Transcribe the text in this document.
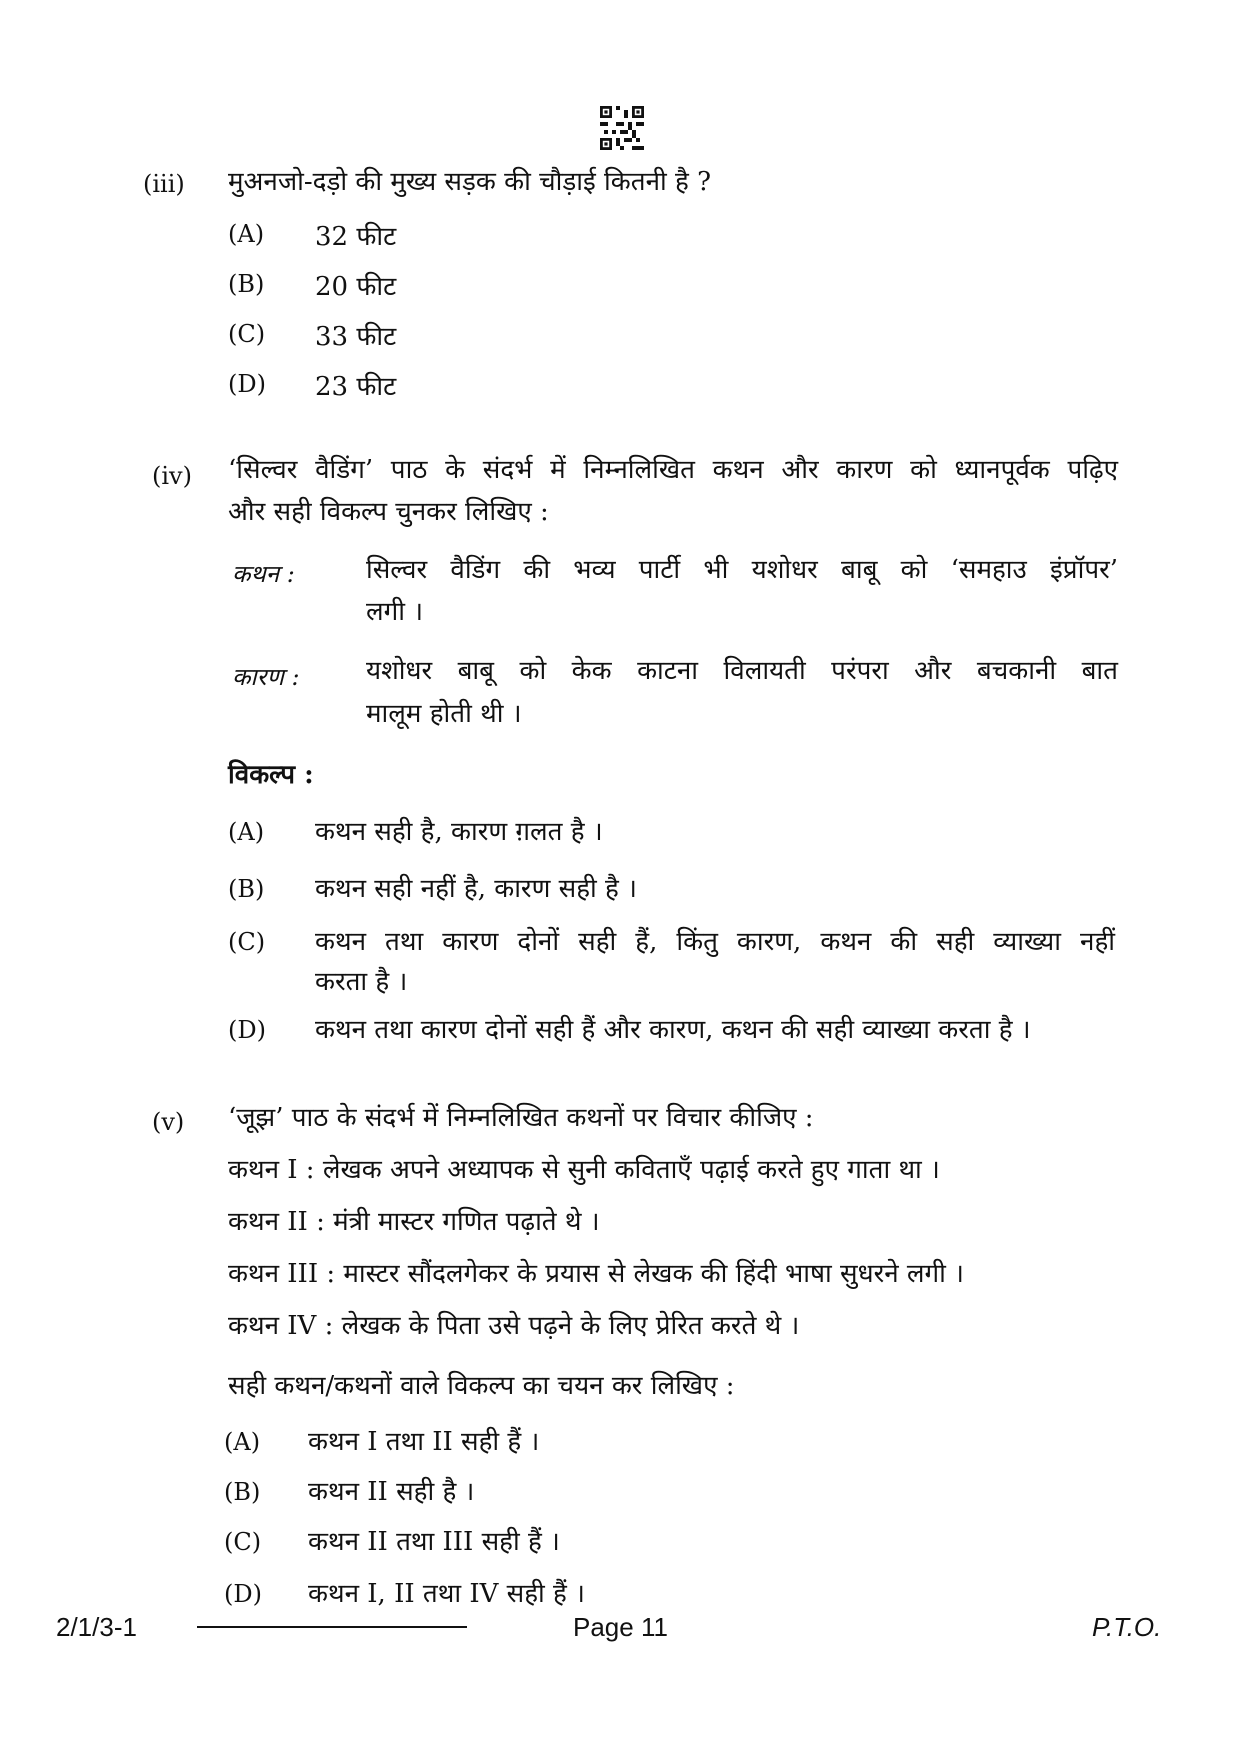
(iii) मुअनजो-दड़ो की मुख्य सड़क की चौड़ाई कितनी है ?
(A) 32 फीट
(B) 20 फीट
(C) 33 फीट
(D) 23 फीट
(iv) ‘सिल्वर वैडिंग’ पाठ के संदर्भ में निम्नलिखित कथन और कारण को ध्यानपूर्वक पढ़िए
और सही विकल्प चुनकर लिखिए :
कथन :	सिल्वर वैडिंग की भव्य पार्टी भी यशोधर बाबू को ‘समहाउ इंप्रॉपर’
लगी ।
कारण :	यशोधर बाबू को केक काटना विलायती परंपरा और बचकानी बात
मालूम होती थी ।
विकल्प :
(A) कथन सही है, कारण ग़लत है ।
(B) कथन सही नहीं है, कारण सही है ।
(C) कथन तथा कारण दोनों सही हैं, किंतु कारण, कथन की सही व्याख्या नहीं
करता है ।
(D) कथन तथा कारण दोनों सही हैं और कारण, कथन की सही व्याख्या करता है ।
(v) ‘जूझ’ पाठ के संदर्भ में निम्नलिखित कथनों पर विचार कीजिए :
कथन I : लेखक अपने अध्यापक से सुनी कविताएँ पढ़ाई करते हुए गाता था ।
कथन II : मंत्री मास्टर गणित पढ़ाते थे ।
कथन III : मास्टर सौंदलगेकर के प्रयास से लेखक की हिंदी भाषा सुधरने लगी ।
कथन IV : लेखक के पिता उसे पढ़ने के लिए प्रेरित करते थे ।
सही कथन/कथनों वाले विकल्प का चयन कर लिखिए :
(A) कथन I तथा II सही हैं ।
(B) कथन II सही है ।
(C) कथन II तथा III सही हैं ।
(D) कथन I, II तथा IV सही हैं ।
2/1/3-1	Page 11	P.T.O.
